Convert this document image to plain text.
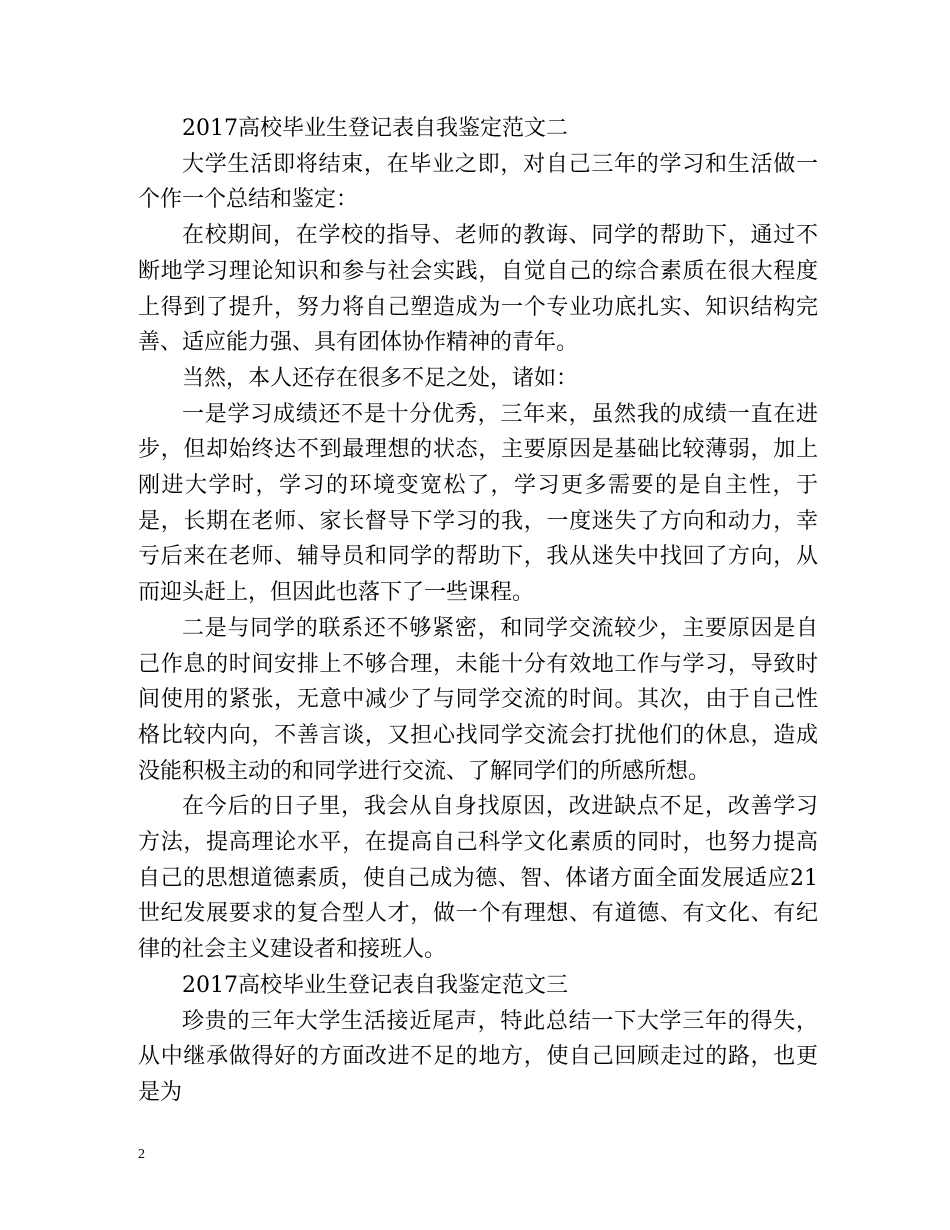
2017高校毕业生登记表自我鉴定范文二

大学生活即将结束，在毕业之即，对自己三年的学习和生活做一个作一个总结和鉴定：

在校期间，在学校的指导、老师的教诲、同学的帮助下，通过不断地学习理论知识和参与社会实践，自觉自己的综合素质在很大程度上得到了提升，努力将自己塑造成为一个专业功底扎实、知识结构完善、适应能力强、具有团体协作精神的青年。

当然，本人还存在很多不足之处，诸如：

一是学习成绩还不是十分优秀，三年来，虽然我的成绩一直在进步，但却始终达不到最理想的状态，主要原因是基础比较薄弱，加上刚进大学时，学习的环境变宽松了，学习更多需要的是自主性，于是，长期在老师、家长督导下学习的我，一度迷失了方向和动力，幸亏后来在老师、辅导员和同学的帮助下，我从迷失中找回了方向，从而迎头赶上，但因此也落下了一些课程。

二是与同学的联系还不够紧密，和同学交流较少，主要原因是自己作息的时间安排上不够合理，未能十分有效地工作与学习，导致时间使用的紧张，无意中减少了与同学交流的时间。其次，由于自己性格比较内向，不善言谈，又担心找同学交流会打扰他们的休息，造成没能积极主动的和同学进行交流、了解同学们的所感所想。

在今后的日子里，我会从自身找原因，改进缺点不足，改善学习方法，提高理论水平，在提高自己科学文化素质的同时，也努力提高自己的思想道德素质，使自己成为德、智、体诸方面全面发展适应21世纪发展要求的复合型人才，做一个有理想、有道德、有文化、有纪律的社会主义建设者和接班人。

2017高校毕业生登记表自我鉴定范文三

珍贵的三年大学生活接近尾声，特此总结一下大学三年的得失，从中继承做得好的方面改进不足的地方，使自己回顾走过的路，也更是为

2
